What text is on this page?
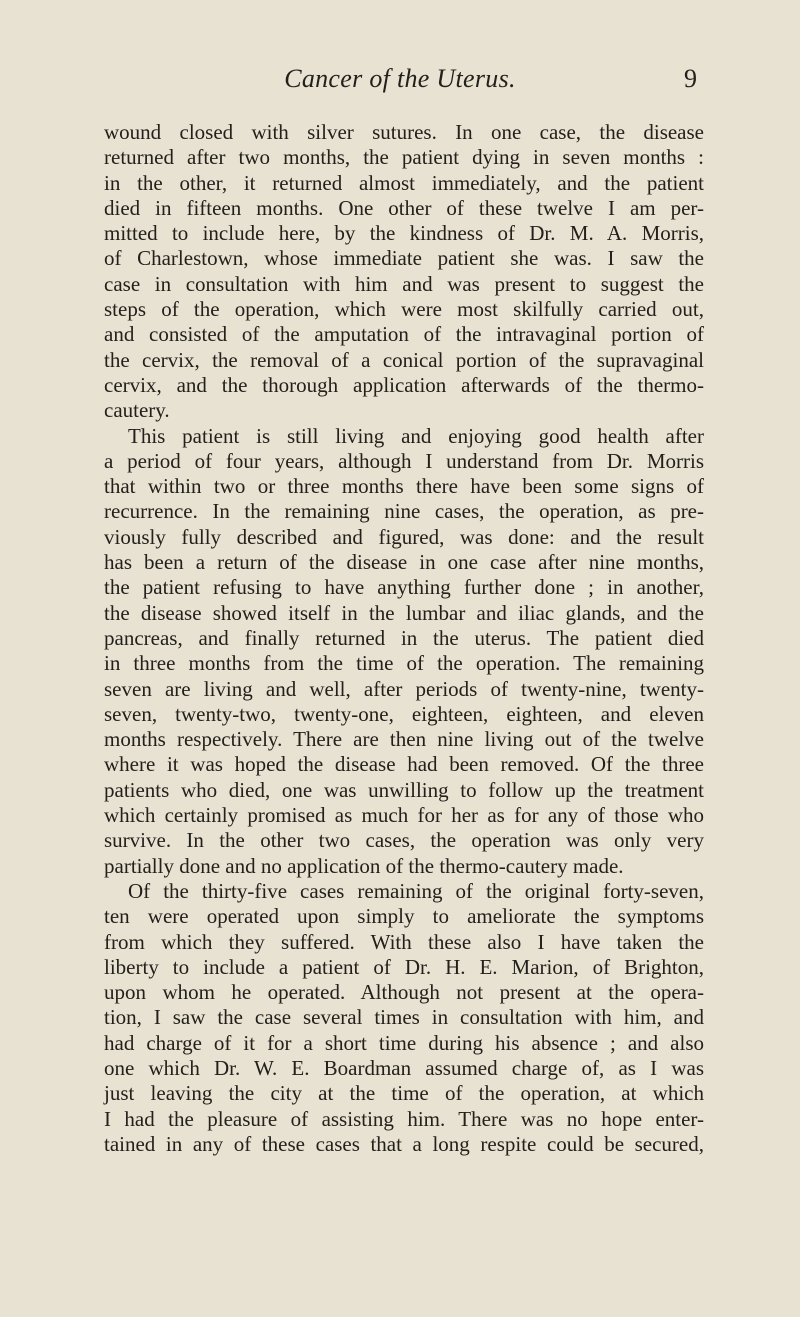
Cancer of the Uterus.	9
wound closed with silver sutures. In one case, the disease
returned after two months, the patient dying in seven months :
in the other, it returned almost immediately, and the patient
died in fifteen months. One other of these twelve I am per-
mitted to include here, by the kindness of Dr. M. A. Morris,
of Charlestown, whose immediate patient she was. I saw the
case in consultation with him and was present to suggest the
steps of the operation, which were most skilfully carried out,
and consisted of the amputation of the intravaginal portion of
the cervix, the removal of a conical portion of the supravaginal
cervix, and the thorough application afterwards of the thermo-
cautery.
This patient is still living and enjoying good health after
a period of four years, although I understand from Dr. Morris
that within two or three months there have been some signs of
recurrence. In the remaining nine cases, the operation, as pre-
viously fully described and figured, was done: and the result
has been a return of the disease in one case after nine months,
the patient refusing to have anything further done ; in another,
the disease showed itself in the lumbar and iliac glands, and the
pancreas, and finally returned in the uterus. The patient died
in three months from the time of the operation. The remaining
seven are living and well, after periods of twenty-nine, twenty-
seven, twenty-two, twenty-one, eighteen, eighteen, and eleven
months respectively. There are then nine living out of the twelve
where it was hoped the disease had been removed. Of the three
patients who died, one was unwilling to follow up the treatment
which certainly promised as much for her as for any of those who
survive. In the other two cases, the operation was only very
partially done and no application of the thermo-cautery made.
Of the thirty-five cases remaining of the original forty-seven,
ten were operated upon simply to ameliorate the symptoms
from which they suffered. With these also I have taken the
liberty to include a patient of Dr. H. E. Marion, of Brighton,
upon whom he operated. Although not present at the opera-
tion, I saw the case several times in consultation with him, and
had charge of it for a short time during his absence ; and also
one which Dr. W. E. Boardman assumed charge of, as I was
just leaving the city at the time of the operation, at which
I had the pleasure of assisting him. There was no hope enter-
tained in any of these cases that a long respite could be secured,
